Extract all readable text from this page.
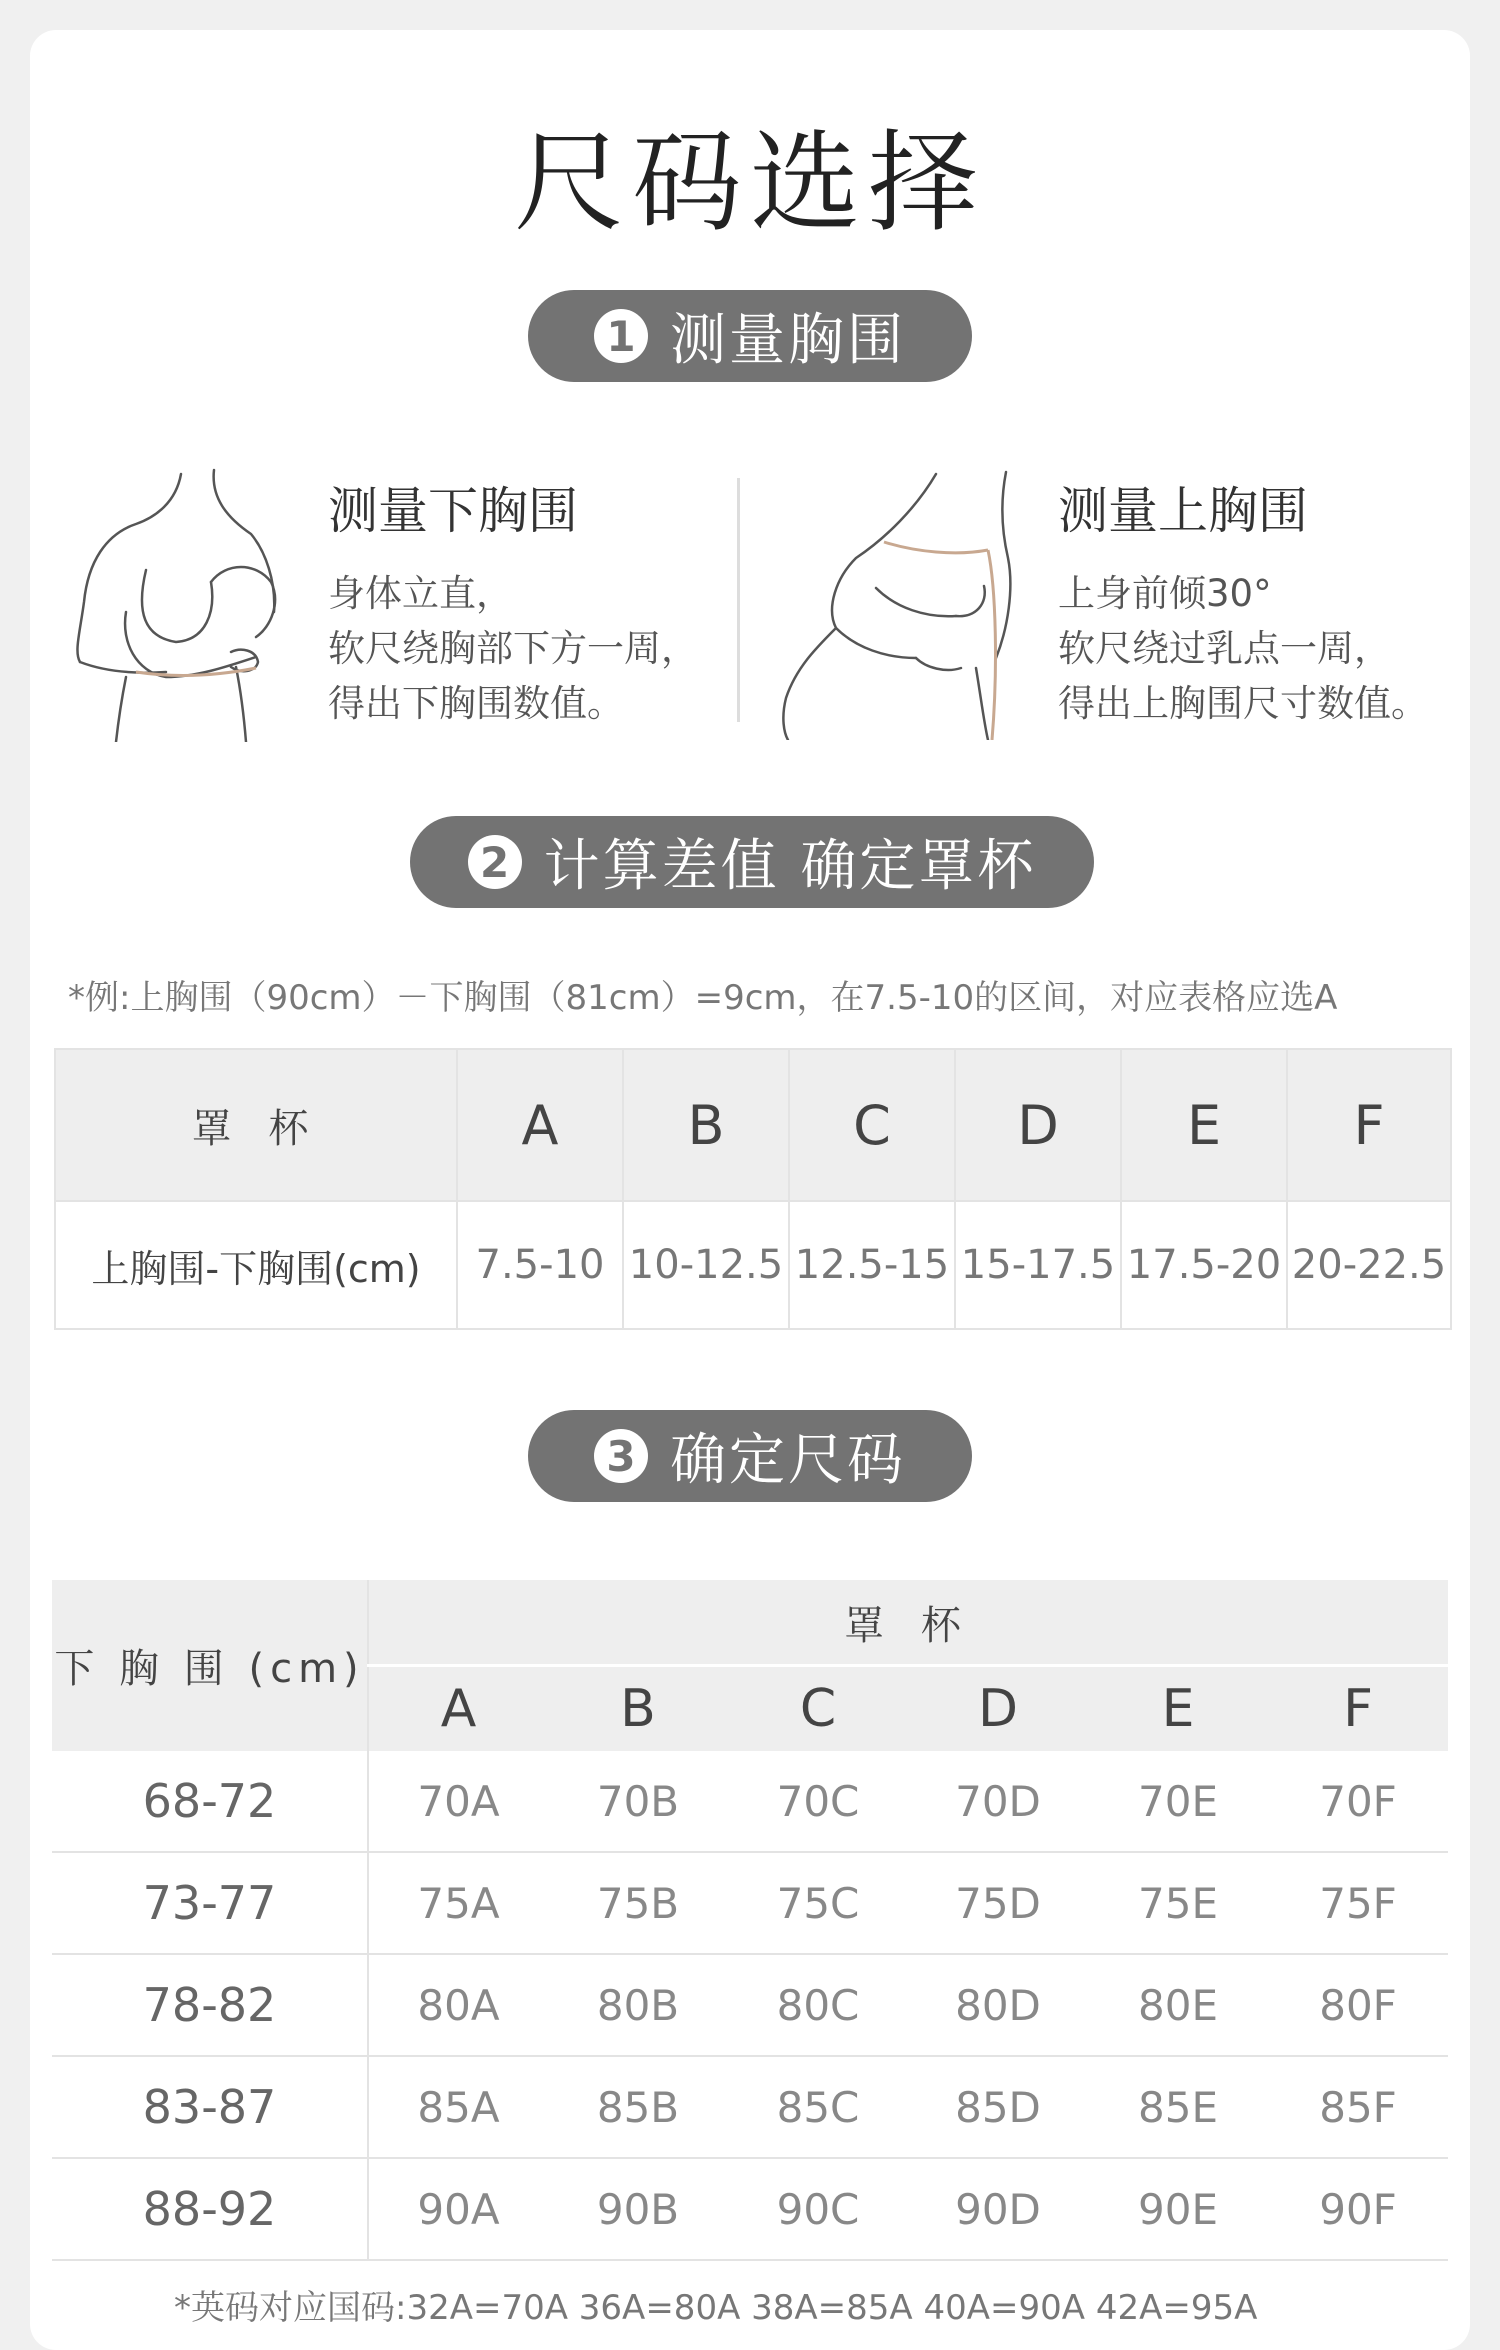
尺码选择
1 测量胸围
测量下胸围
身体立直，
软尺绕胸部下方一周，
得出下胸围数值。
测量上胸围
上身前倾30°
软尺绕过乳点一周，
得出上胸围尺寸数值。
2 计算差值 确定罩杯
*例:上胸围（90cm）－下胸围（81cm）=9cm，在7.5-10的区间，对应表格应选A
罩 杯	A	B	C	D	E	F
上胸围-下胸围(cm)	7.5-10	10-12.5	12.5-15	15-17.5	17.5-20	20-22.5
3 确定尺码
下 胸 围 (cm)	罩 杯					
	A	B	C	D	E	F
68-72	70A	70B	70C	70D	70E	70F
73-77	75A	75B	75C	75D	75E	75F
78-82	80A	80B	80C	80D	80E	80F
83-87	85A	85B	85C	85D	85E	85F
88-92	90A	90B	90C	90D	90E	90F
*英码对应国码:32A=70A 36A=80A 38A=85A 40A=90A 42A=95A
